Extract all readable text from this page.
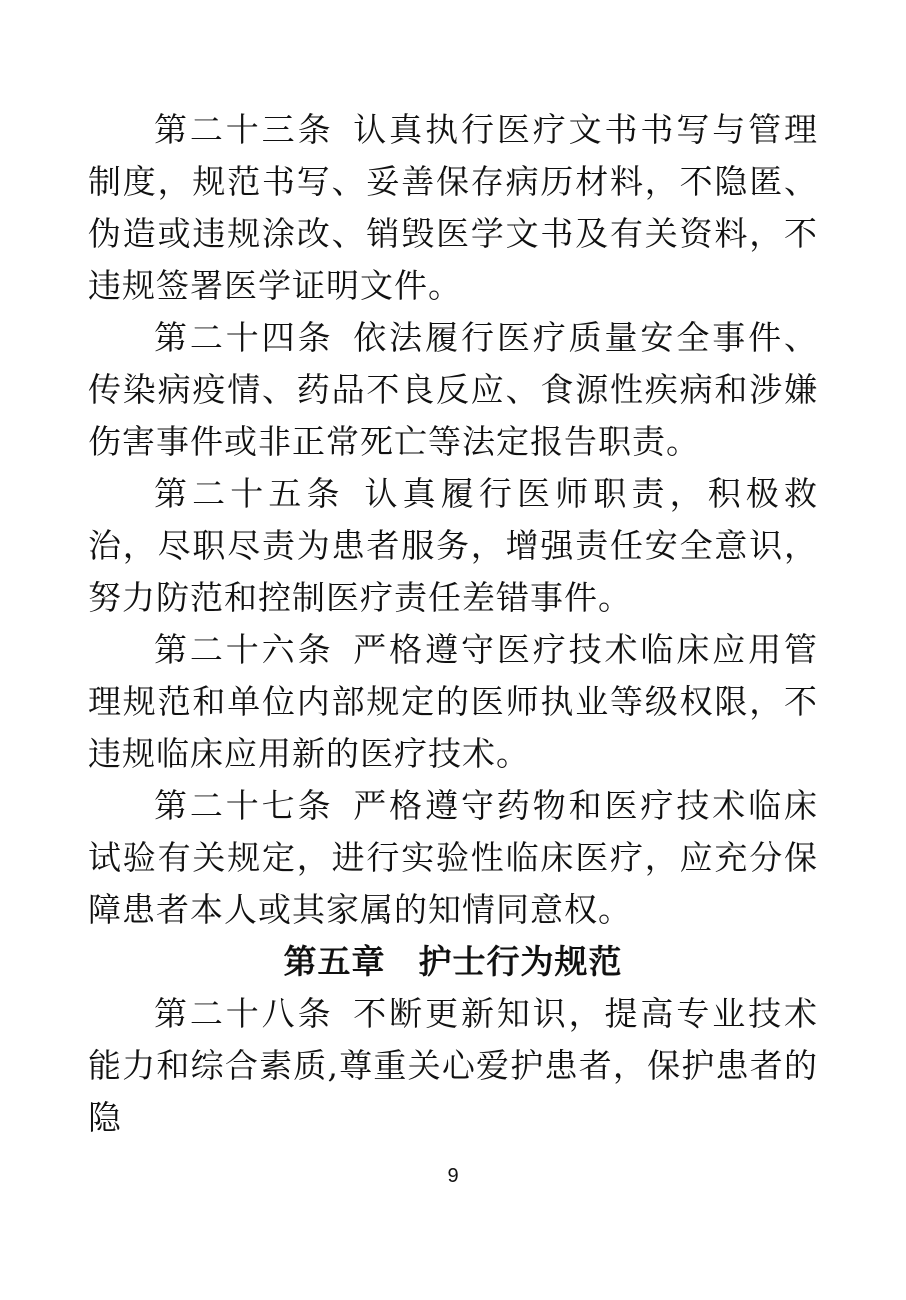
第二十三条 认真执行医疗文书书写与管理制度，规范书写、妥善保存病历材料，不隐匿、伪造或违规涂改、销毁医学文书及有关资料，不违规签署医学证明文件。

第二十四条 依法履行医疗质量安全事件、传染病疫情、药品不良反应、食源性疾病和涉嫌伤害事件或非正常死亡等法定报告职责。

第二十五条 认真履行医师职责，积极救治，尽职尽责为患者服务，增强责任安全意识，努力防范和控制医疗责任差错事件。

第二十六条 严格遵守医疗技术临床应用管理规范和单位内部规定的医师执业等级权限，不违规临床应用新的医疗技术。

第二十七条 严格遵守药物和医疗技术临床试验有关规定，进行实验性临床医疗，应充分保障患者本人或其家属的知情同意权。

第五章 护士行为规范

第二十八条 不断更新知识，提高专业技术能力和综合素质,尊重关心爱护患者，保护患者的隐

9
